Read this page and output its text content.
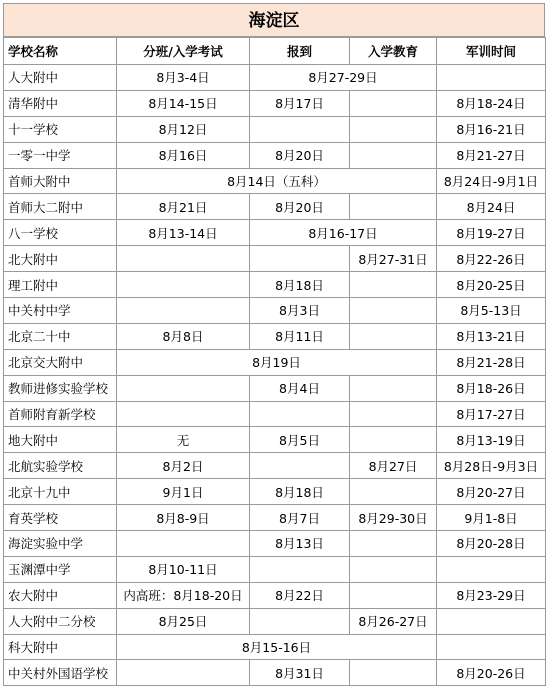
海淀区
学校名称	分班/入学考试	报到	入学教育	军训时间
人大附中	8月3-4日	8月27-29日		
清华附中	8月14-15日	8月17日		8月18-24日
十一学校	8月12日			8月16-21日
一零一中学	8月16日	8月20日		8月21-27日
首师大附中	8月14日（五科）			8月24日-9月1日
首师大二附中	8月21日	8月20日		8月24日
八一学校	8月13-14日	8月16-17日		8月19-27日
北大附中			8月27-31日	8月22-26日
理工附中		8月18日		8月20-25日
中关村中学		8月3日		8月5-13日
北京二十中	8月8日	8月11日		8月13-21日
北京交大附中	8月19日			8月21-28日
教师进修实验学校		8月4日		8月18-26日
首师附育新学校				8月17-27日
地大附中	无	8月5日		8月13-19日
北航实验学校	8月2日		8月27日	8月28日-9月3日
北京十九中	9月1日	8月18日		8月20-27日
育英学校	8月8-9日	8月7日	8月29-30日	9月1-8日
海淀实验中学		8月13日		8月20-28日
玉渊潭中学	8月10-11日			
农大附中	内高班：8月18-20日	8月22日		8月23-29日
人大附中二分校	8月25日		8月26-27日	
科大附中	8月15-16日			
中关村外国语学校		8月31日		8月20-26日
